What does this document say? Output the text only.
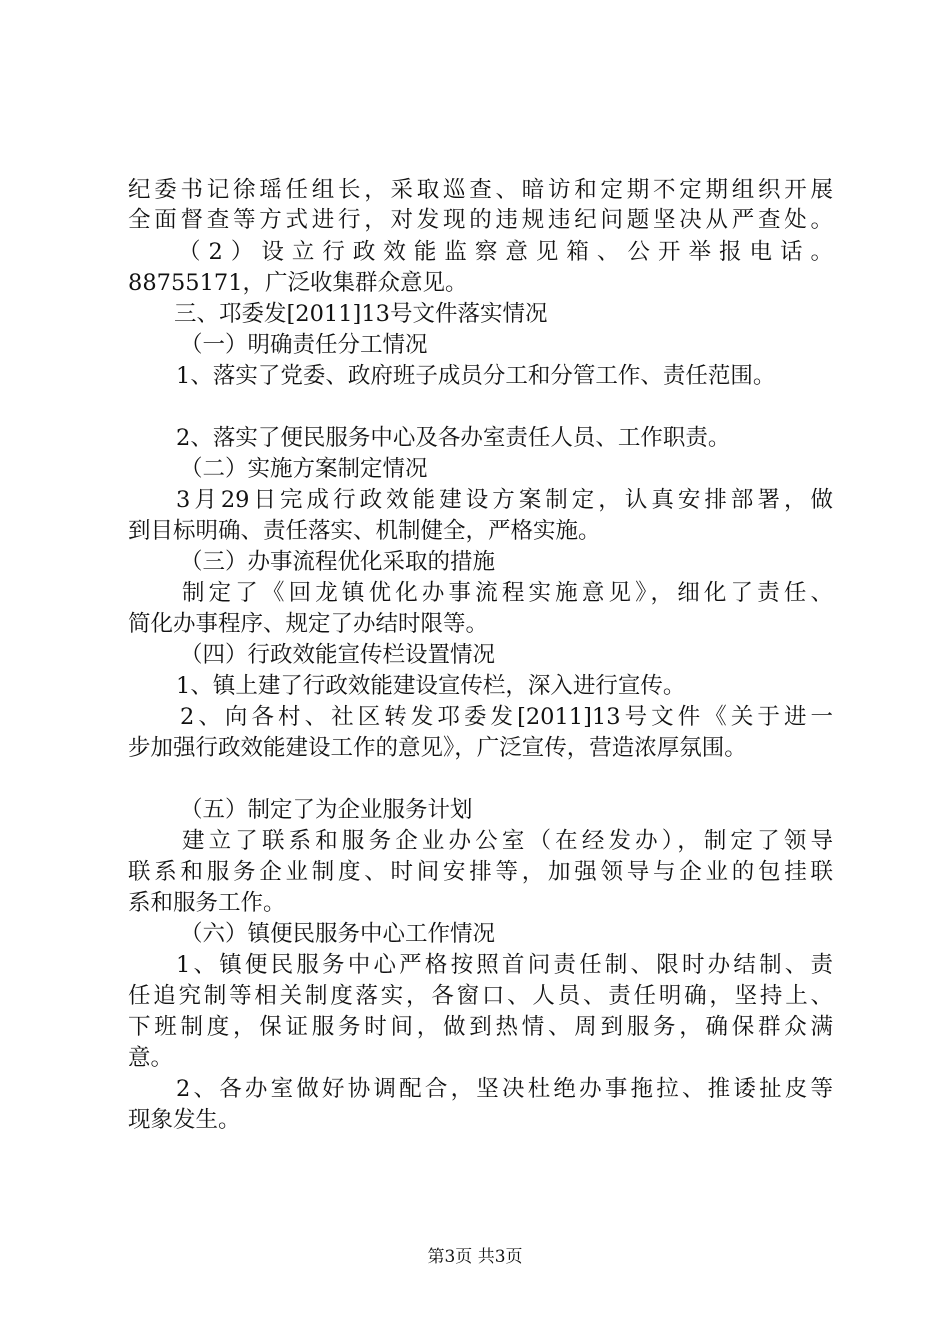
纪委书记徐瑶任组长，采取巡查、暗访和定期不定期组织开展
全面督查等方式进行，对发现的违规违纪问题坚决从严查处。
（2）设立行政效能监察意见箱、公开举报电话。
88755171，广泛收集群众意见。
三、邛委发[2011]13号文件落实情况
（一）明确责任分工情况
1、落实了党委、政府班子成员分工和分管工作、责任范围。
2、落实了便民服务中心及各办室责任人员、工作职责。
（二）实施方案制定情况
3月29日完成行政效能建设方案制定，认真安排部署，做
到目标明确、责任落实、机制健全，严格实施。
（三）办事流程优化采取的措施
制定了《回龙镇优化办事流程实施意见》，细化了责任、
简化办事程序、规定了办结时限等。
（四）行政效能宣传栏设置情况
1、镇上建了行政效能建设宣传栏，深入进行宣传。
2、向各村、社区转发邛委发[2011]13号文件《关于进一
步加强行政效能建设工作的意见》，广泛宣传，营造浓厚氛围。
（五）制定了为企业服务计划
建立了联系和服务企业办公室（在经发办），制定了领导
联系和服务企业制度、时间安排等，加强领导与企业的包挂联
系和服务工作。
（六）镇便民服务中心工作情况
1、镇便民服务中心严格按照首问责任制、限时办结制、责
任追究制等相关制度落实，各窗口、人员、责任明确，坚持上、
下班制度，保证服务时间，做到热情、周到服务，确保群众满
意。
2、各办室做好协调配合，坚决杜绝办事拖拉、推诿扯皮等
现象发生。
第3页 共3页
